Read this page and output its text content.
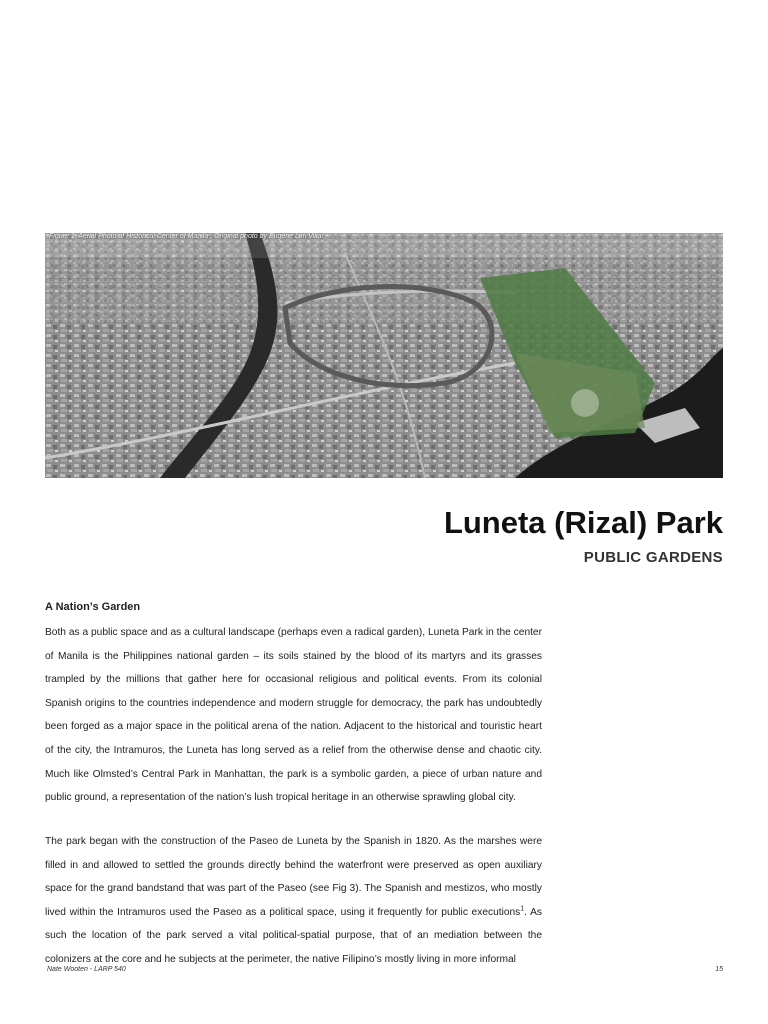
Figure 1: Aerial Photo of Historical Center of Manila , Original photo by Eugene Lim Villar
Luneta (Rizal) Park
PUBLIC GARDENS
A Nation’s Garden

Both as a public space and as a cultural landscape (perhaps even a radical garden), Luneta Park in the center of Manila is the Philippines national garden – its soils stained by the blood of its martyrs and its grasses trampled by the millions that gather here for occasional religious and political events. From its colonial Spanish origins to the countries independence and modern struggle for democracy, the park has undoubtedly been forged as a major space in the political arena of the nation. Adjacent to the historical and touristic heart of the city, the Intramuros, the Luneta has long served as a relief from the otherwise dense and chaotic city. Much like Olmsted’s Central Park in Manhattan, the park is a symbolic garden, a piece of urban nature and public ground, a representation of the nation’s lush tropical heritage in an otherwise sprawling global city.

The park began with the construction of the Paseo de Luneta by the Spanish in 1820. As the marshes were filled in and allowed to settled the grounds directly behind the waterfront were preserved as open auxiliary space for the grand bandstand that was part of the Paseo (see Fig 3). The Spanish and mestizos, who mostly lived within the Intramuros used the Paseo as a political space, using it frequently for public executions$^1$. As such the location of the park served a vital political-spatial purpose, that of an mediation between the colonizers at the core and he subjects at the perimeter, the native Filipino’s mostly living in more informal

Nate Wooten - LARP 540	15
